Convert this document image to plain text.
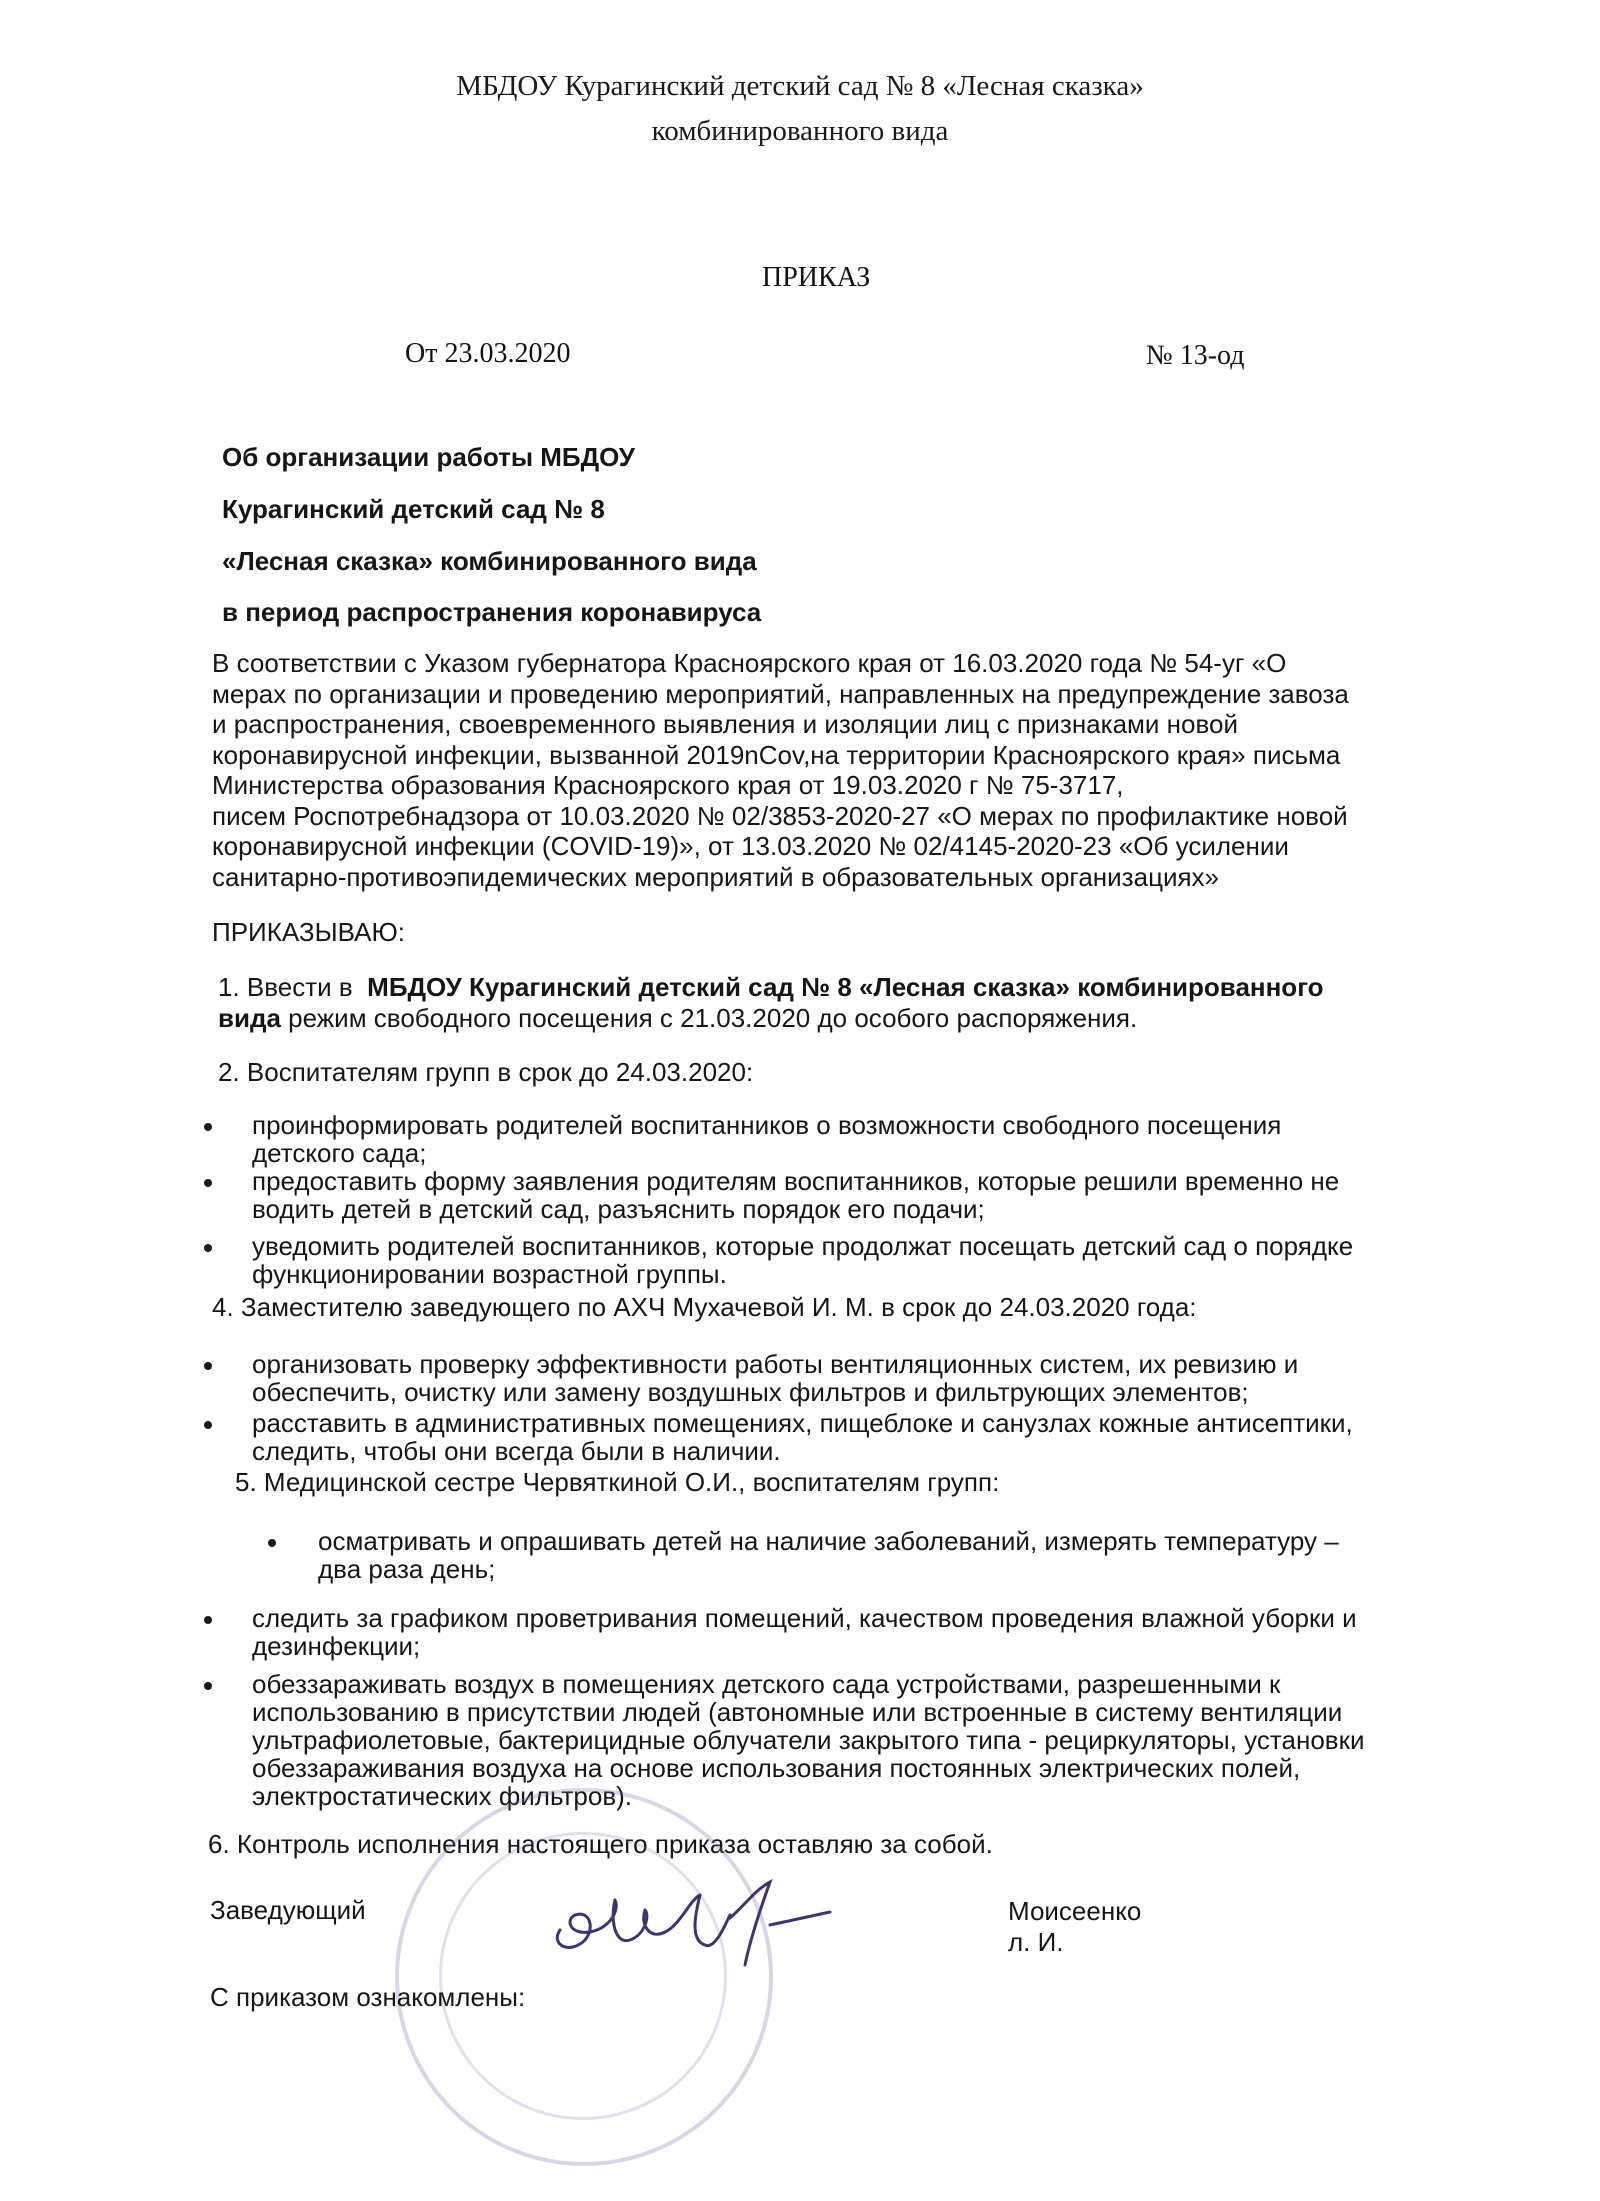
МБДОУ Курагинский детский сад № 8 «Лесная сказка»
комбинированного вида
ПРИКАЗ
От 23.03.2020	№ 13-од
Об организации работы МБДОУ
Курагинский детский сад № 8
«Лесная сказка» комбинированного вида
в период распространения коронавируса
В соответствии с Указом губернатора Красноярского края от 16.03.2020 года № 54-уг «О
мерах по организации и проведению мероприятий, направленных на предупреждение завоза
и распространения, своевременного выявления и изоляции лиц с признаками новой
коронавирусной инфекции, вызванной 2019nCov,на территории Красноярского края» письма
Министерства образования Красноярского края от 19.03.2020 г № 75-3717,
писем Роспотребнадзора от 10.03.2020 № 02/3853-2020-27 «О мерах по профилактике новой
коронавирусной инфекции (COVID-19)», от 13.03.2020 № 02/4145-2020-23 «Об усилении
санитарно-противоэпидемических мероприятий в образовательных организациях»
ПРИКАЗЫВАЮ:
1. Ввести в  МБДОУ Курагинский детский сад № 8 «Лесная сказка» комбинированного
вида режим свободного посещения с 21.03.2020 до особого распоряжения.
2. Воспитателям групп в срок до 24.03.2020:
проинформировать родителей воспитанников о возможности свободного посещения
детского сада;
предоставить форму заявления родителям воспитанников, которые решили временно не
водить детей в детский сад, разъяснить порядок его подачи;
уведомить родителей воспитанников, которые продолжат посещать детский сад о порядке
функционировании возрастной группы.
4. Заместителю заведующего по АХЧ Мухачевой И. М. в срок до 24.03.2020 года:
организовать проверку эффективности работы вентиляционных систем, их ревизию и
обеспечить, очистку или замену воздушных фильтров и фильтрующих элементов;
расставить в административных помещениях, пищеблоке и санузлах кожные антисептики,
следить, чтобы они всегда были в наличии.
5. Медицинской сестре Червяткиной О.И., воспитателям групп:
осматривать и опрашивать детей на наличие заболеваний, измерять температуру –
два раза день;
следить за графиком проветривания помещений, качеством проведения влажной уборки и
дезинфекции;
обеззараживать воздух в помещениях детского сада устройствами, разрешенными к
использованию в присутствии людей (автономные или встроенные в систему вентиляции
ультрафиолетовые, бактерицидные облучатели закрытого типа - рециркуляторы, установки
обеззараживания воздуха на основе использования постоянных электрических полей,
электростатических фильтров).
6. Контроль исполнения настоящего приказа оставляю за собой.
Заведующий	Моисеенко
л. И.
С приказом ознакомлены:
